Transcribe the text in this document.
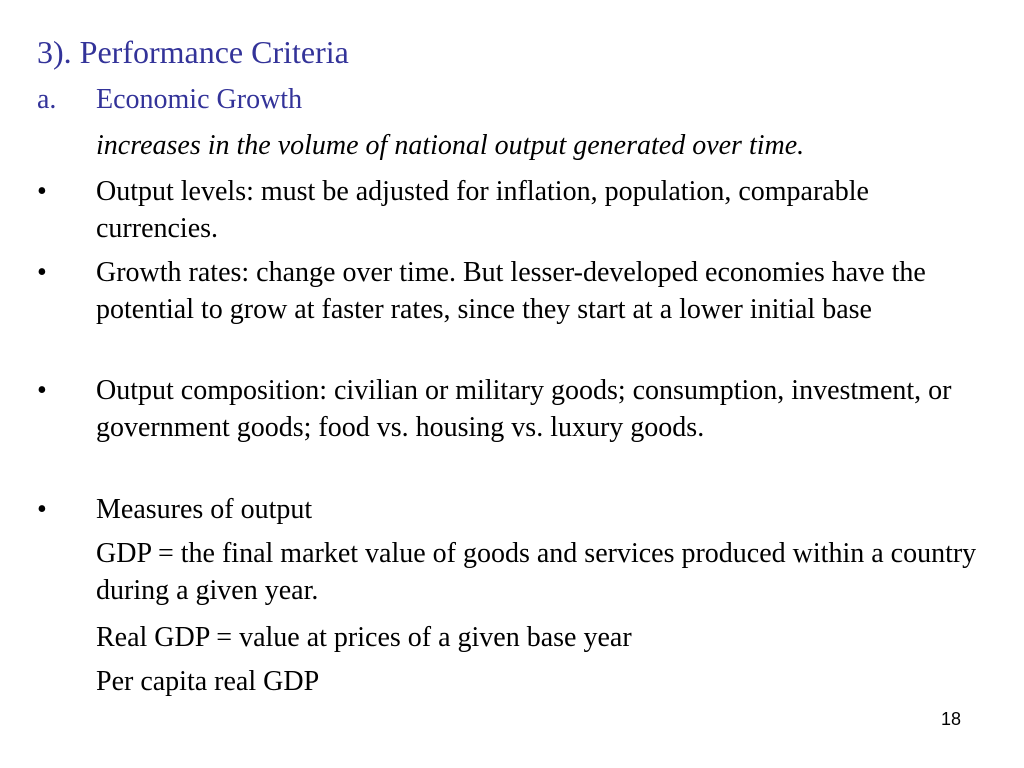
3). Performance Criteria
a. Economic Growth
increases in the volume of national output generated over time.
• Output levels: must be adjusted for inflation, population, comparable currencies.
• Growth rates: change over time. But lesser-developed economies have the potential to grow at faster rates, since they start at a lower initial base
• Output composition: civilian or military goods; consumption, investment, or government goods; food vs. housing vs. luxury goods.
• Measures of output
GDP = the final market value of goods and services produced within a country during a given year.
Real GDP = value at prices of a given base year
Per capita real GDP
18
